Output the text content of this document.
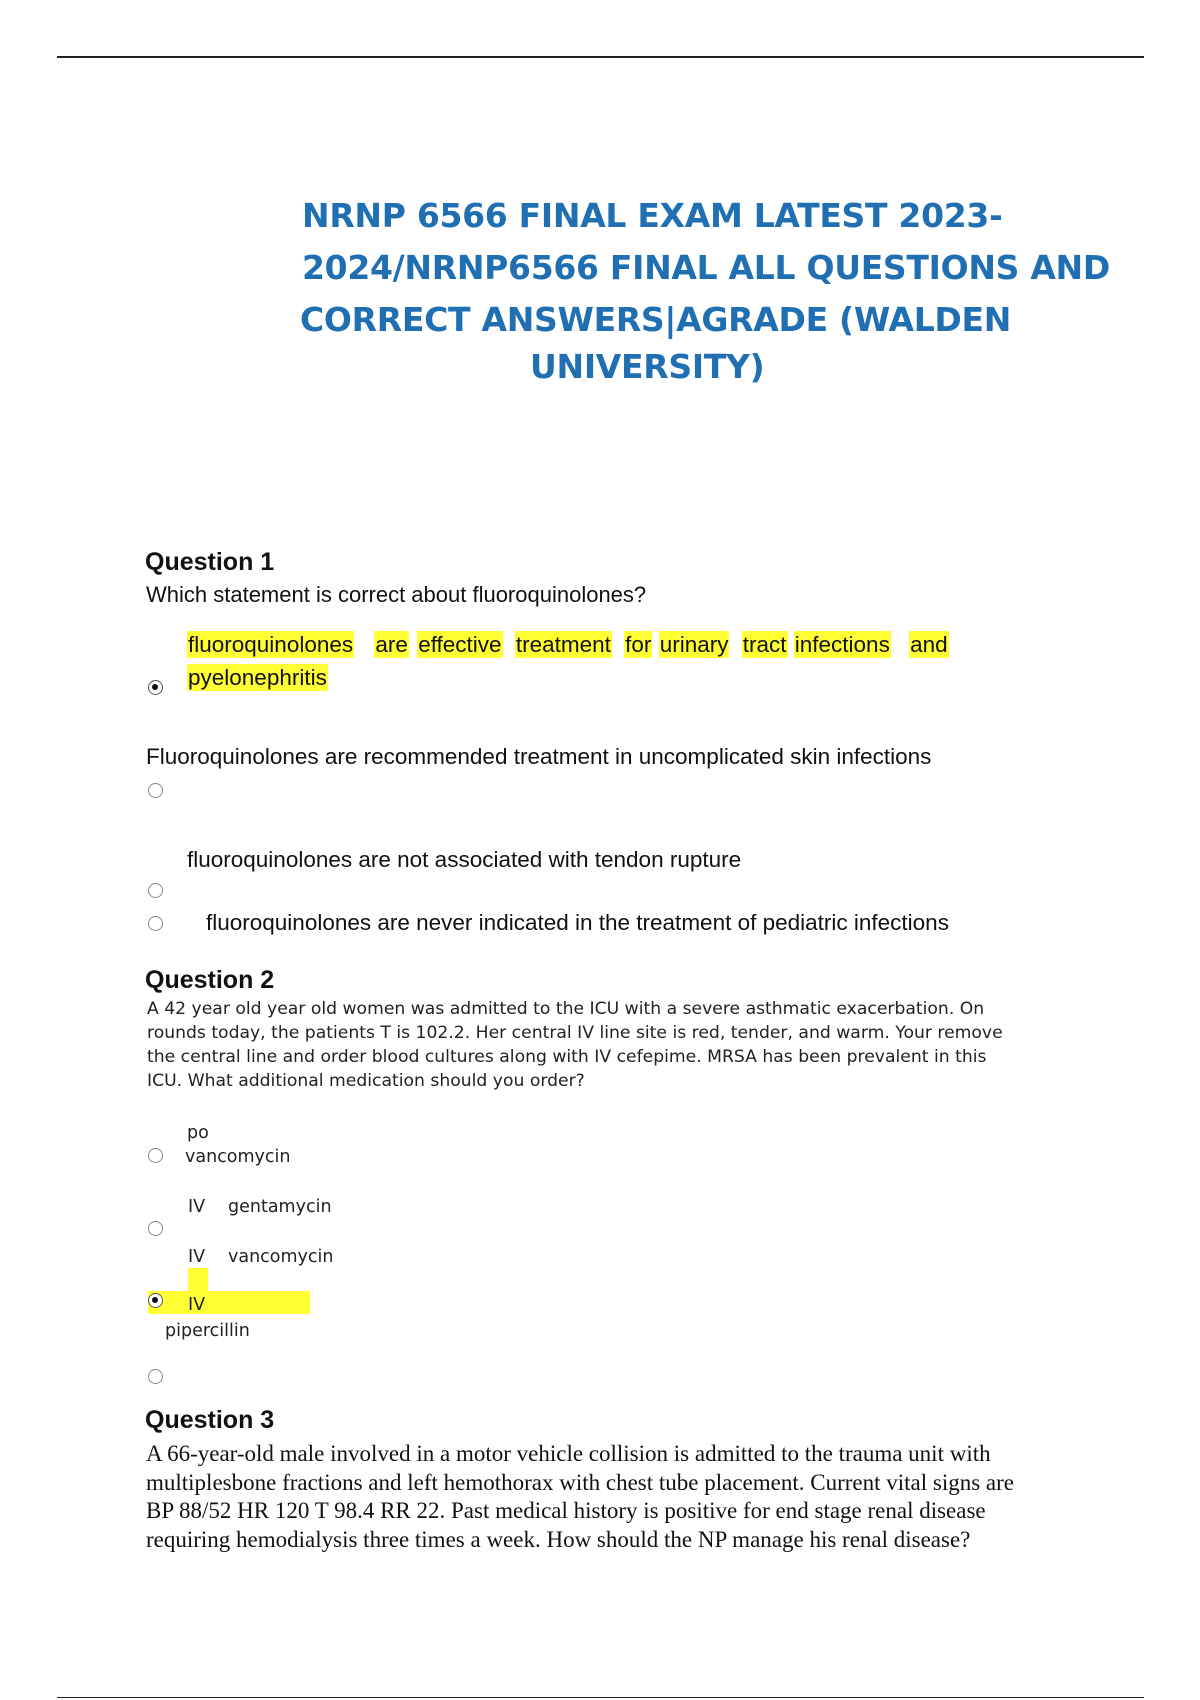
NRNP 6566 FINAL EXAM LATEST 2023-
2024/NRNP6566 FINAL ALL QUESTIONS AND
CORRECT ANSWERS|AGRADE (WALDEN
UNIVERSITY)
Question 1
Which statement is correct about fluoroquinolones?
fluoroquinolones are effective treatment for urinary tract infections and
pyelonephritis
Fluoroquinolones are recommended treatment in uncomplicated skin infections
fluoroquinolones are not associated with tendon rupture
fluoroquinolones are never indicated in the treatment of pediatric infections
Question 2
A 42 year old year old women was admitted to the ICU with a severe asthmatic exacerbation. On
rounds today, the patients T is 102.2. Her central IV line site is red, tender, and warm. Your remove
the central line and order blood cultures along with IV cefepime. MRSA has been prevalent in this
ICU. What additional medication should you order?
po
vancomycin
IV gentamycin
IV vancomycin
IV
pipercillin
Question 3
A 66-year-old male involved in a motor vehicle collision is admitted to the trauma unit with
multiplesbone fractions and left hemothorax with chest tube placement. Current vital signs are
BP 88/52 HR 120 T 98.4 RR 22. Past medical history is positive for end stage renal disease
requiring hemodialysis three times a week. How should the NP manage his renal disease?
